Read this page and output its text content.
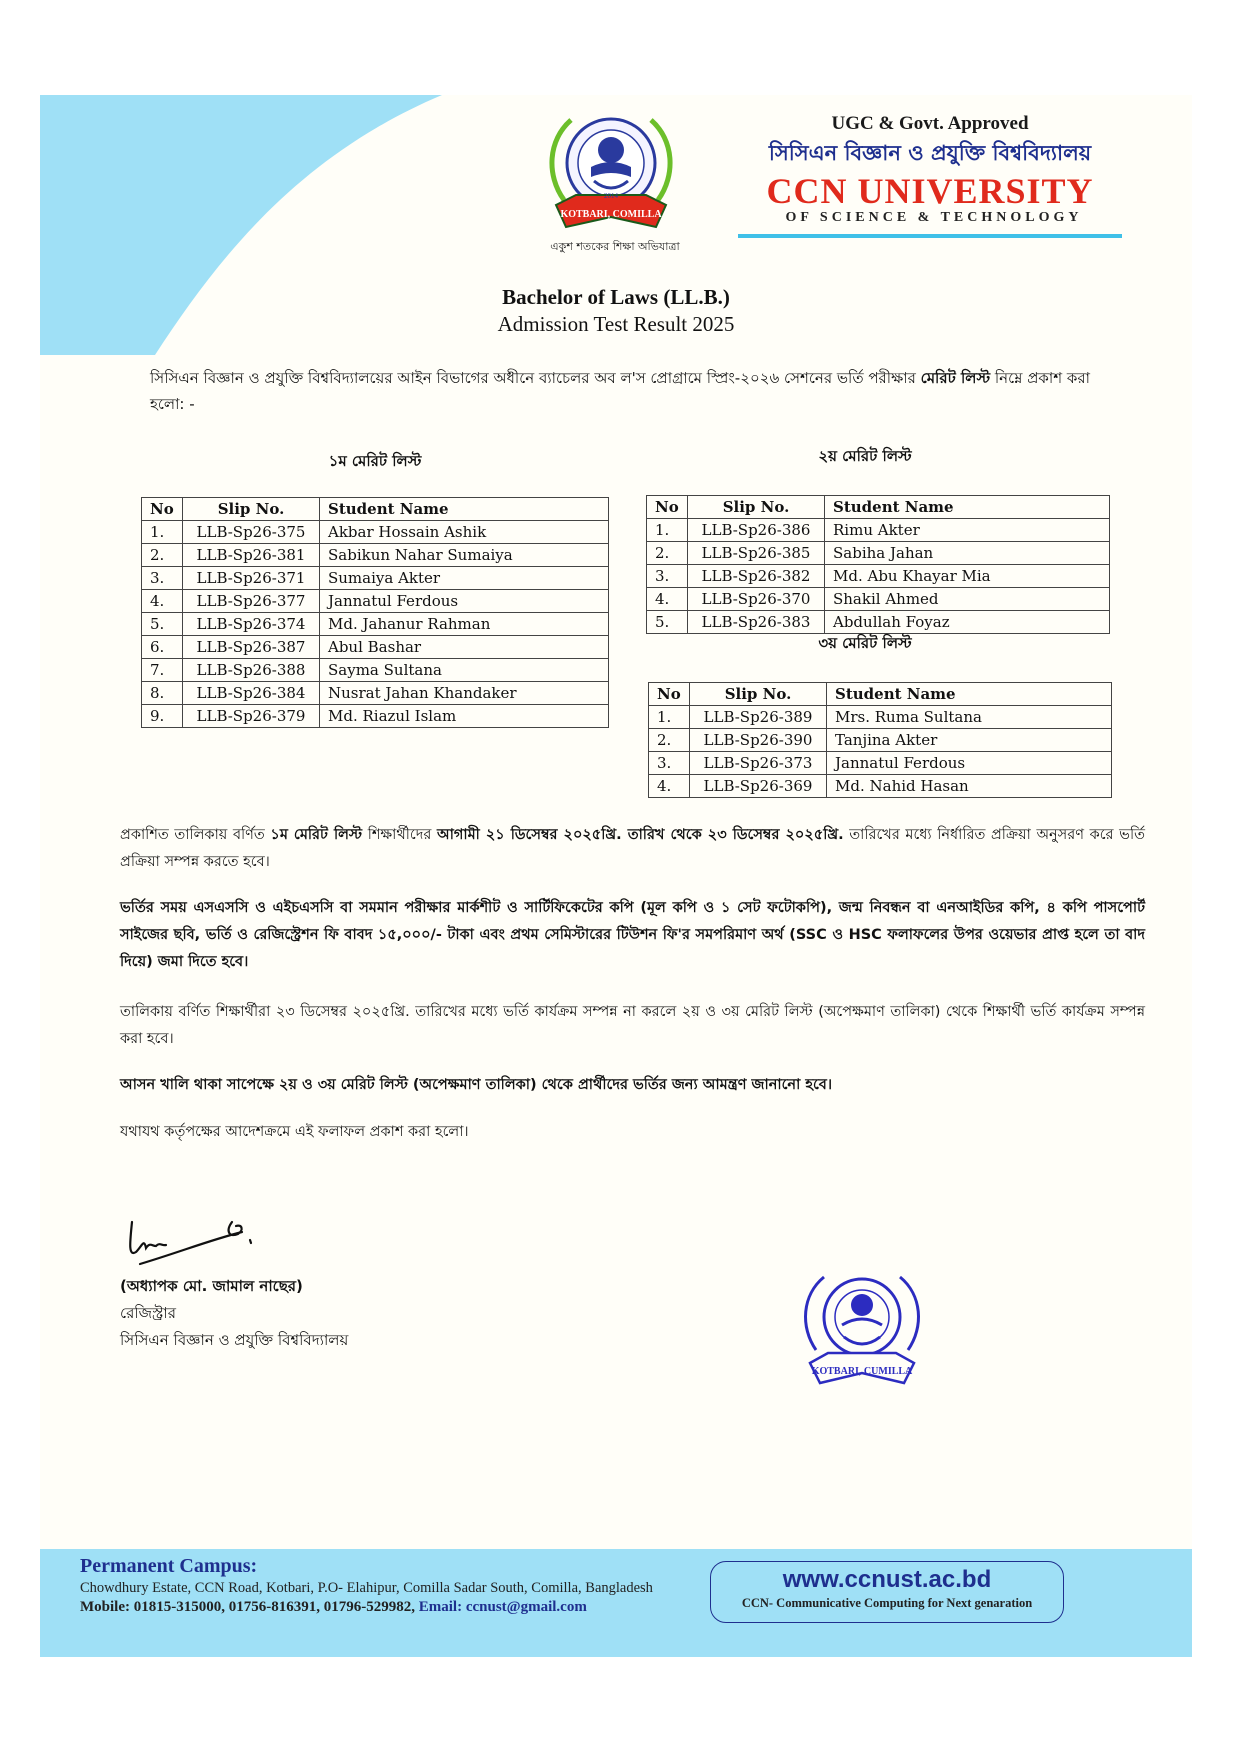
KOTBARI, COMILLA
2014
একুশ শতকের শিক্ষা অভিযাত্রা
UGC & Govt. Approved
সিসিএন বিজ্ঞান ও প্রযুক্তি বিশ্ববিদ্যালয়
CCN UNIVERSITY
OF SCIENCE & TECHNOLOGY
Bachelor of Laws (LL.B.)
Admission Test Result 2025
সিসিএন বিজ্ঞান ও প্রযুক্তি বিশ্ববিদ্যালয়ের আইন বিভাগের অধীনে ব্যাচেলর অব ল'স প্রোগ্রামে স্প্রিং-২০২৬ সেশনের ভর্তি পরীক্ষার মেরিট লিস্ট নিম্নে প্রকাশ করা হলো: -
১ম মেরিট লিস্ট
No	Slip No.	Student Name
1.	LLB-Sp26-375	Akbar Hossain Ashik
2.	LLB-Sp26-381	Sabikun Nahar Sumaiya
3.	LLB-Sp26-371	Sumaiya Akter
4.	LLB-Sp26-377	Jannatul Ferdous
5.	LLB-Sp26-374	Md. Jahanur Rahman
6.	LLB-Sp26-387	Abul Bashar
7.	LLB-Sp26-388	Sayma Sultana
8.	LLB-Sp26-384	Nusrat Jahan Khandaker
9.	LLB-Sp26-379	Md. Riazul Islam
২য় মেরিট লিস্ট
No	Slip No.	Student Name
1.	LLB-Sp26-386	Rimu Akter
2.	LLB-Sp26-385	Sabiha Jahan
3.	LLB-Sp26-382	Md. Abu Khayar Mia
4.	LLB-Sp26-370	Shakil Ahmed
5.	LLB-Sp26-383	Abdullah Foyaz
৩য় মেরিট লিস্ট
No	Slip No.	Student Name
1.	LLB-Sp26-389	Mrs. Ruma Sultana
2.	LLB-Sp26-390	Tanjina Akter
3.	LLB-Sp26-373	Jannatul Ferdous
4.	LLB-Sp26-369	Md. Nahid Hasan
প্রকাশিত তালিকায় বর্ণিত ১ম মেরিট লিস্ট শিক্ষার্থীদের আগামী ২১ ডিসেম্বর ২০২৫খ্রি. তারিখ থেকে ২৩ ডিসেম্বর ২০২৫খ্রি. তারিখের মধ্যে নির্ধারিত প্রক্রিয়া অনুসরণ করে ভর্তি প্রক্রিয়া সম্পন্ন করতে হবে।
ভর্তির সময় এসএসসি ও এইচএসসি বা সমমান পরীক্ষার মার্কশীট ও সার্টিফিকেটের কপি (মূল কপি ও ১ সেট ফটোকপি), জন্ম নিবন্ধন বা এনআইডির কপি, ৪ কপি পাসপোর্ট সাইজের ছবি, ভর্তি ও রেজিস্ট্রেশন ফি বাবদ ১৫,০০০/- টাকা এবং প্রথম সেমিস্টারের টিউশন ফি'র সমপরিমাণ অর্থ (SSC ও HSC ফলাফলের উপর ওয়েভার প্রাপ্ত হলে তা বাদ দিয়ে) জমা দিতে হবে।
তালিকায় বর্ণিত শিক্ষার্থীরা ২৩ ডিসেম্বর ২০২৫খ্রি. তারিখের মধ্যে ভর্তি কার্যক্রম সম্পন্ন না করলে ২য় ও ৩য় মেরিট লিস্ট (অপেক্ষমাণ তালিকা) থেকে শিক্ষার্থী ভর্তি কার্যক্রম সম্পন্ন করা হবে।
আসন খালি থাকা সাপেক্ষে ২য় ও ৩য় মেরিট লিস্ট (অপেক্ষমাণ তালিকা) থেকে প্রার্থীদের ভর্তির জন্য আমন্ত্রণ জানানো হবে।
যথাযথ কর্তৃপক্ষের আদেশক্রমে এই ফলাফল প্রকাশ করা হলো।
(অধ্যাপক মো. জামাল নাছের)
রেজিস্ট্রার
সিসিএন বিজ্ঞান ও প্রযুক্তি বিশ্ববিদ্যালয়
KOTBARI, CUMILLA
Permanent Campus:
Chowdhury Estate, CCN Road, Kotbari, P.O- Elahipur, Comilla Sadar South, Comilla, Bangladesh
Mobile: 01815-315000, 01756-816391, 01796-529982, Email: ccnust@gmail.com
www.ccnust.ac.bd
CCN- Communicative Computing for Next genaration
